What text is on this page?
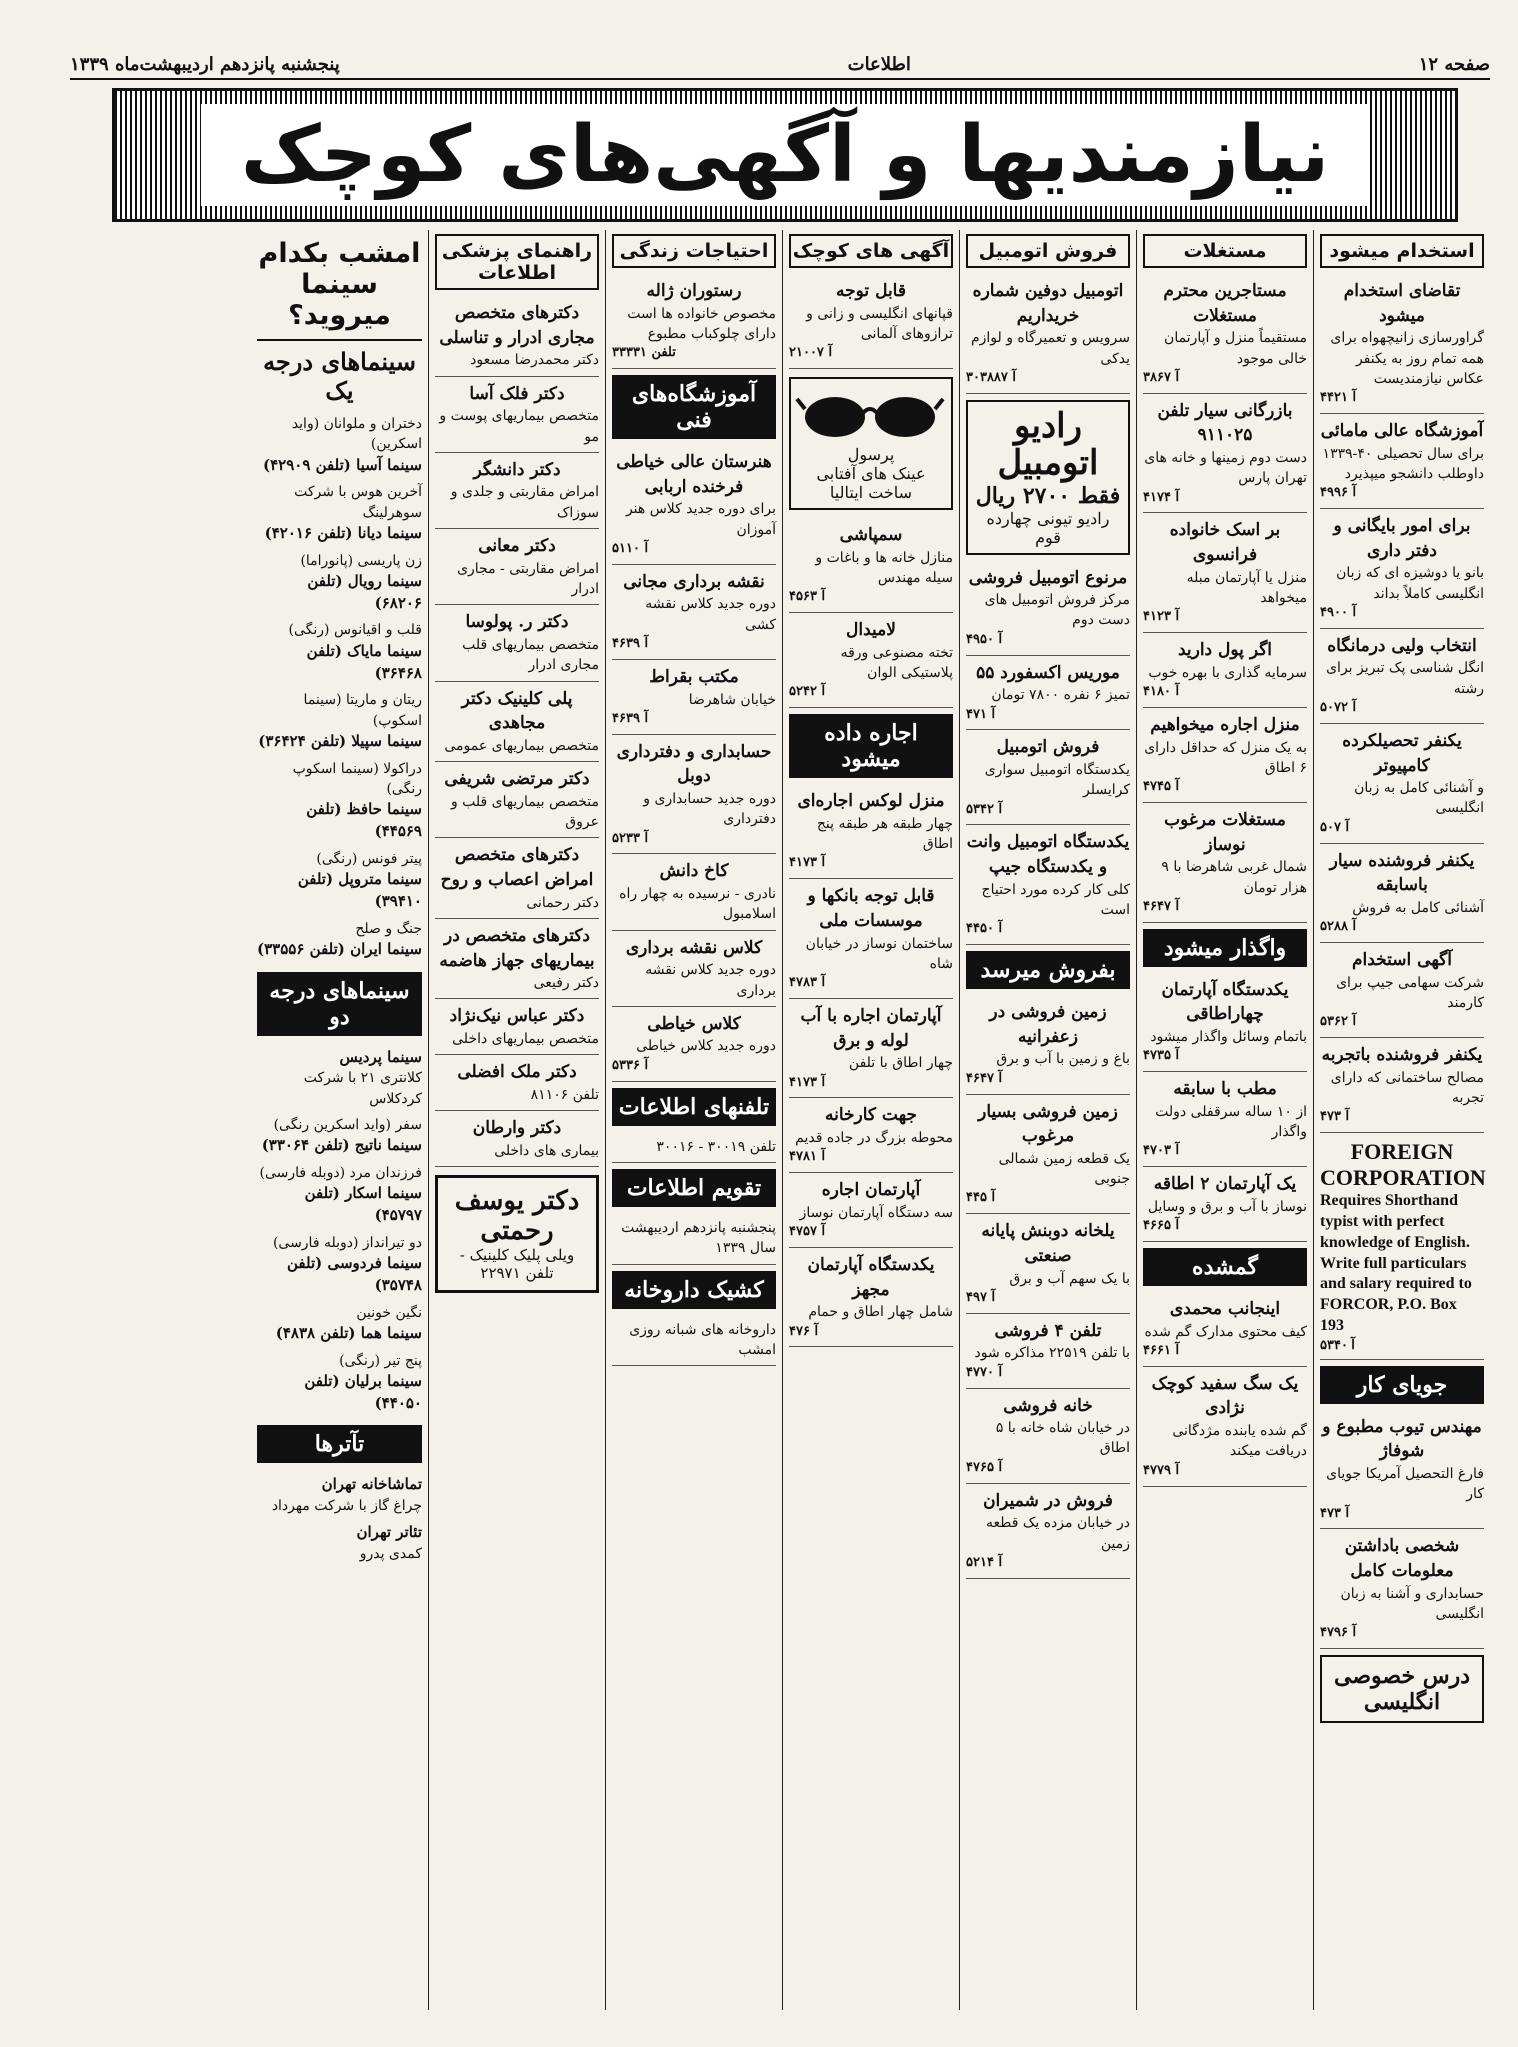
صفحه ۱۲
اطلاعات
پنجشنبه پانزدهم اردیبهشت‌ماه ۱۳۳۹
نیازمندیها و آگهی‌های کوچک
استخدام میشود
تقاضای استخدام میشود
گراورسازی زانیچهواه برای همه تمام روز به یکنفر عکاس نیازمندیست
آ ۴۴۲۱
آموزشگاه عالی مامائی
برای سال تحصیلی ۴۰-۱۳۳۹ داوطلب دانشجو میپذیرد
آ ۴۹۹۶
برای امور بایگانی و دفتر داری
بانو یا دوشیزه ای که زبان انگلیسی کاملاً بداند
آ ۴۹۰۰
انتخاب ولیی درمانگاه
انگل شناسی پک تبریز برای رشته
آ ۵۰۷۲
یکنفر تحصیلکرده کامپیوتر
و آشنائی کامل به زبان انگلیسی
آ ۵۰۷
یکنفر فروشنده سیار باسابقه
آشنائی کامل به فروش
آ ۵۲۸۸
آگهی استخدام
شرکت سهامی جیپ برای کارمند
آ ۵۳۶۲
یکنفر فروشنده باتجربه
مصالح ساختمانی که دارای تجربه
آ ۴۷۳
FOREIGN CORPORATION
Requires Shorthand typist with perfect knowledge of English. Write full particulars and salary required to FORCOR, P.O. Box 193
آ ۵۳۴۰
جویای کار
مهندس تیوب مطبوع و شوفاژ
فارغ التحصیل آمریکا جویای کار
آ ۴۷۳
شخصی باداشتن معلومات کامل
حسابداری و آشنا به زبان انگلیسی
آ ۴۷۹۶
درس خصوصی انگلیسی
مستغلات
مستاجرین محترم مستغلات
مستقیماً منزل و آپارتمان خالی موجود
آ ۳۸۶۷
بازرگانی سیار تلفن ۹۱۱۰۲۵
دست دوم زمینها و خانه های تهران پارس
آ ۴۱۷۴
بر اسک خانواده فرانسوی
منزل یا آپارتمان مبله میخواهد
آ ۴۱۲۳
اگر پول دارید
سرمایه گذاری با بهره خوب
آ ۴۱۸۰
منزل اجاره میخواهیم
به یک منزل که حداقل دارای ۶ اطاق
آ ۴۷۴۵
مستغلات مرغوب نوساز
شمال غربی شاهرضا با ۹ هزار تومان
آ ۴۶۴۷
واگذار میشود
یکدستگاه آپارتمان چهاراطاقی
باتمام وسائل واگذار میشود
آ ۴۷۳۵
مطب با سابقه
از ۱۰ ساله سرقفلی دولت واگذار
آ ۴۷۰۳
یک آپارتمان ۲ اطاقه
نوساز با آب و برق و وسایل
آ ۴۶۶۵
گمشده
اینجانب محمدی
کیف محتوی مدارک گم شده
آ ۴۶۶۱
یک سگ سفید کوچک نژادی
گم شده یابنده مژدگانی دریافت میکند
آ ۴۷۷۹
فروش اتومبیل
اتومبیل دوفین شماره خریداریم
سرویس و تعمیرگاه و لوازم یدکی
آ ۳۰۳۸۸۷
رادیو اتومبیل
فقط ۲۷۰۰ ریال
رادیو تیونی چهارده قوم
مرنوع اتومبیل فروشی
مرکز فروش اتومبیل های دست دوم
آ ۴۹۵۰
موریس اکسفورد ۵۵
تمیز ۶ نفره ۷۸۰۰ تومان
آ ۴۷۱
فروش اتومبیل
یکدستگاه اتومبیل سواری کرایسلر
آ ۵۳۴۲
یکدستگاه اتومبیل وانت و یکدستگاه جیپ
کلی کار کرده مورد احتیاج است
آ ۴۴۵۰
بفروش میرسد
زمین فروشی در زعفرانیه
باغ و زمین با آب و برق
آ ۴۶۴۷
زمین فروشی بسیار مرغوب
یک قطعه زمین شمالی جنوبی
آ ۴۴۵
یلخانه دوبنش پایانه صنعتی
با یک سهم آب و برق
آ ۴۹۷
تلفن ۴ فروشی
با تلفن ۲۲۵۱۹ مذاکره شود
آ ۴۷۷۰
خانه فروشی
در خیابان شاه خانه با ۵ اطاق
آ ۴۷۶۵
فروش در شمیران
در خیابان مزده یک قطعه زمین
آ ۵۲۱۴
آگهی های کوچک
قابل توجه
قپانهای انگلیسی و زانی و ترازوهای آلمانی
آ ۲۱۰۰۷
پرسول
عینک های آفتابی ساخت ایتالیا
سمپاشی
منازل خانه ها و باغات و سیله مهندس
آ ۴۵۶۳
لامیدال
تخته مصنوعی ورقه پلاستیکی الوان
آ ۵۲۴۲
اجاره داده میشود
منزل لوکس اجاره‌ای
چهار طبقه هر طبقه پنج اطاق
آ ۴۱۷۳
قابل توجه بانکها و موسسات ملی
ساختمان نوساز در خیابان شاه
آ ۴۷۸۳
آپارتمان اجاره با آب لوله و برق
چهار اطاق با تلفن
آ ۴۱۷۳
جهت کارخانه
محوطه بزرگ در جاده قدیم
آ ۴۷۸۱
آپارتمان اجاره
سه دستگاه آپارتمان نوساز
آ ۴۷۵۷
یکدستگاه آپارتمان مجهز
شامل چهار اطاق و حمام
آ ۴۷۶
احتیاجات زندگی
رستوران ژاله
مخصوص خانواده ها است دارای چلوکباب مطبوع
تلفن ۳۳۳۳۱
آموزشگاه‌های فنی
هنرستان عالی خیاطی فرخنده اربابی
برای دوره جدید کلاس هنر آموزان
آ ۵۱۱۰
نقشه برداری مجانی
دوره جدید کلاس نقشه کشی
آ ۴۶۳۹
مکتب بقراط
خیابان شاهرضا
آ ۴۶۳۹
حسابداری و دفترداری دوبل
دوره جدید حسابداری و دفترداری
آ ۵۲۳۳
کاخ دانش
نادری - نرسیده به چهار راه اسلامبول
کلاس نقشه برداری
دوره جدید کلاس نقشه برداری
کلاس خیاطی
دوره جدید کلاس خیاطی
آ ۵۳۳۶
تلفنهای اطلاعات
تلفن ۳۰۰۱۹ - ۳۰۰۱۶
تقویم اطلاعات
پنجشنبه پانزدهم اردیبهشت سال ۱۳۳۹
کشیک داروخانه
داروخانه های شبانه روزی امشب
راهنمای پزشکی اطلاعات
دکترهای متخصص مجاری ادرار و تناسلی
دکتر محمدرضا مسعود
دکتر فلک آسا
متخصص بیماریهای پوست و مو
دکتر دانشگر
امراض مقاربتی و جلدی و سوزاک
دکتر معانی
امراض مقاربتی - مجاری ادرار
دکتر ر. پولوسا
متخصص بیماریهای قلب مجاری ادرار
پلی کلینیک دکتر مجاهدی
متخصص بیماریهای عمومی
دکتر مرتضی شریفی
متخصص بیماریهای قلب و عروق
دکترهای متخصص امراض اعصاب و روح
دکتر رحمانی
دکترهای متخصص در بیماریهای جهاز هاضمه
دکتر رفیعی
دکتر عباس نیک‌نژاد
متخصص بیماریهای داخلی
دکتر ملک افضلی
تلفن ۸۱۱۰۶
دکتر وارطان
بیماری های داخلی
دکتر یوسف رحمتی
ویلی پلیک کلینیک - تلفن ۲۲۹۷۱
امشب بکدام سینما میروید؟
سینماهای درجه یک
دختران و ملوانان (واید اسکرین)
سینما آسیا (تلفن ۴۲۹۰۹)
آخرین هوس با شرکت سوهرلینگ
سینما دیانا (تلفن ۴۲۰۱۶)
زن پاریسی (پانوراما)
سینما رویال (تلفن ۶۸۲۰۶)
قلب و اقیانوس (رنگی)
سینما مایاک (تلفن ۳۶۴۶۸)
ریتان و ماریتا (سینما اسکوپ)
سینما سپیلا (تلفن ۳۶۴۲۴)
دراکولا (سینما اسکوپ رنگی)
سینما حافظ (تلفن ۴۴۵۶۹)
پیتر فونس (رنگی)
سینما متروپل (تلفن ۳۹۴۱۰)
جنگ و صلح
سینما ایران (تلفن ۳۳۵۵۶)
سینماهای درجه دو
سینما پردیس
کلانتری ۲۱ با شرکت کردکلاس
سفر (واید اسکرین رنگی)
سینما ناتیج (تلفن ۳۳۰۶۴)
فرزندان مرد (دوبله فارسی)
سینما اسکار (تلفن ۴۵۷۹۷)
دو تیرانداز (دوبله فارسی)
سینما فردوسی (تلفن ۳۵۷۴۸)
نگین خونین
سینما هما (تلفن ۴۸۳۸)
پنج تیر (رنگی)
سینما برلیان (تلفن ۴۴۰۵۰)
تآترها
تماشاخانه تهران
چراغ گاز با شرکت مهرداد
تئاتر تهران
کمدی پدرو
